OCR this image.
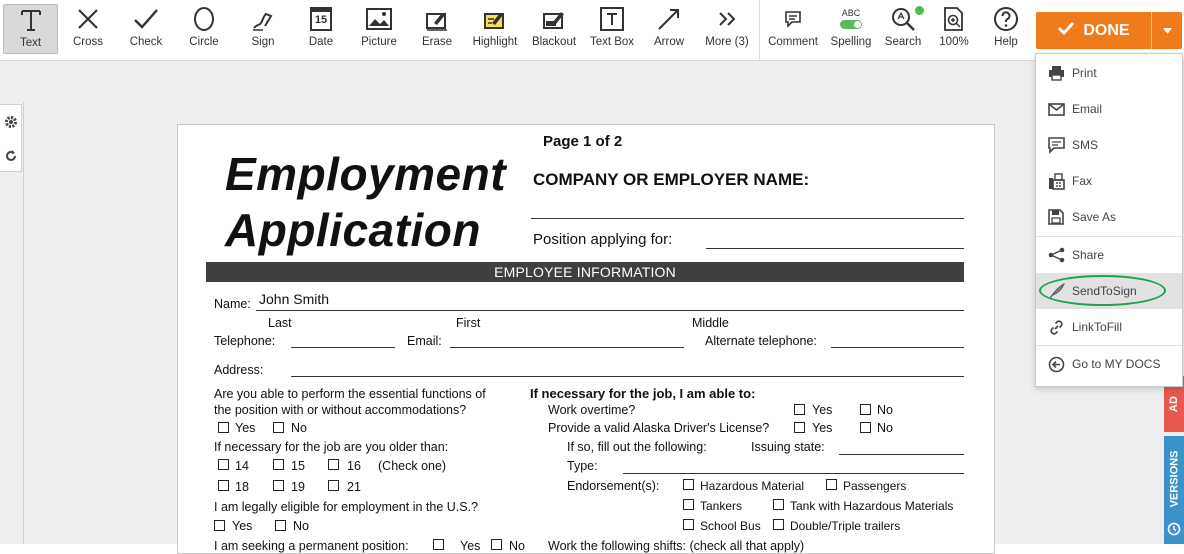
Page 1 of 2
Employment
Application
COMPANY OR EMPLOYER NAME:
Position applying for:
EMPLOYEE INFORMATION
Name: John Smith
Last	First	Middle
Telephone:	Email:	Alternate telephone:
Address:
Are you able to perform the essential functions of
the position with or without accommodations?
Yes	No
If necessary for the job are you older than:
14	15	16 (Check one)
18	19	21
I am legally eligible for employment in the U.S.?
Yes	No
I am seeking a permanent position:	Yes No
If necessary for the job, I am able to:
Work overtime?	Yes	No
Provide a valid Alaska Driver's License?	Yes	No
If so, fill out the following:	Issuing state:
Type:
Endorsement(s):	Hazardous Material	Passengers
Tankers	Tank with Hazardous Materials
School Bus Double/Triple trailers
Work the following shifts: (check all that apply)
AD
VERSIONS
Text	Cross	Check	Circle	Sign
15
Date	Picture	Erase	Highlight	Blackout	Text Box	Arrow	More (3)	Comment
ABC
Spelling	Search	100%	Help
DONE
Print
Email
SMS
Fax
Save As
Share
SendToSign
LinkToFill
Go to MY DOCS
